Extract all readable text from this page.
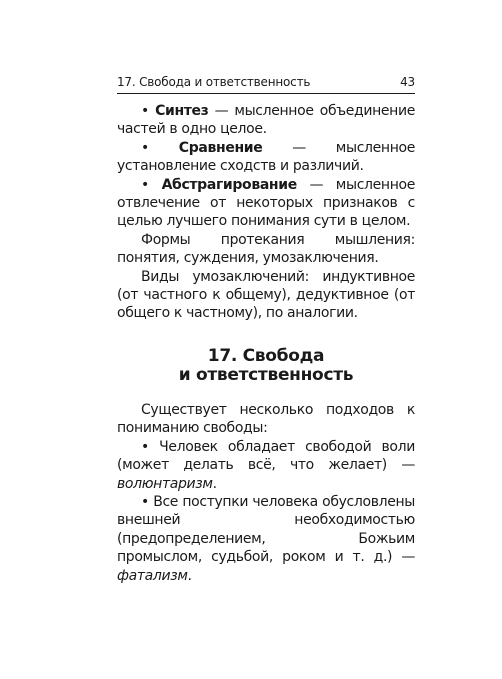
17. Свобода и ответственность	43

• Синтез — мысленное объединение частей в одно целое.

• Сравнение — мысленное установление сходств и различий.

• Абстрагирование — мысленное отвлечение от некоторых признаков с целью лучшего понимания сути в целом.

Формы протекания мышления: понятия, суждения, умозаключения.

Виды умозаключений: индуктивное (от частного к общему), дедуктивное (от общего к частному), по аналогии.

17. Свобода
и ответственность

Существует несколько подходов к пониманию свободы:

• Человек обладает свободой воли (может делать всё, что желает) — волюнтаризм.

• Все поступки человека обусловлены внешней необходимостью (предопределением, Божьим промыслом, судьбой, роком и т. д.) — фатализм.
